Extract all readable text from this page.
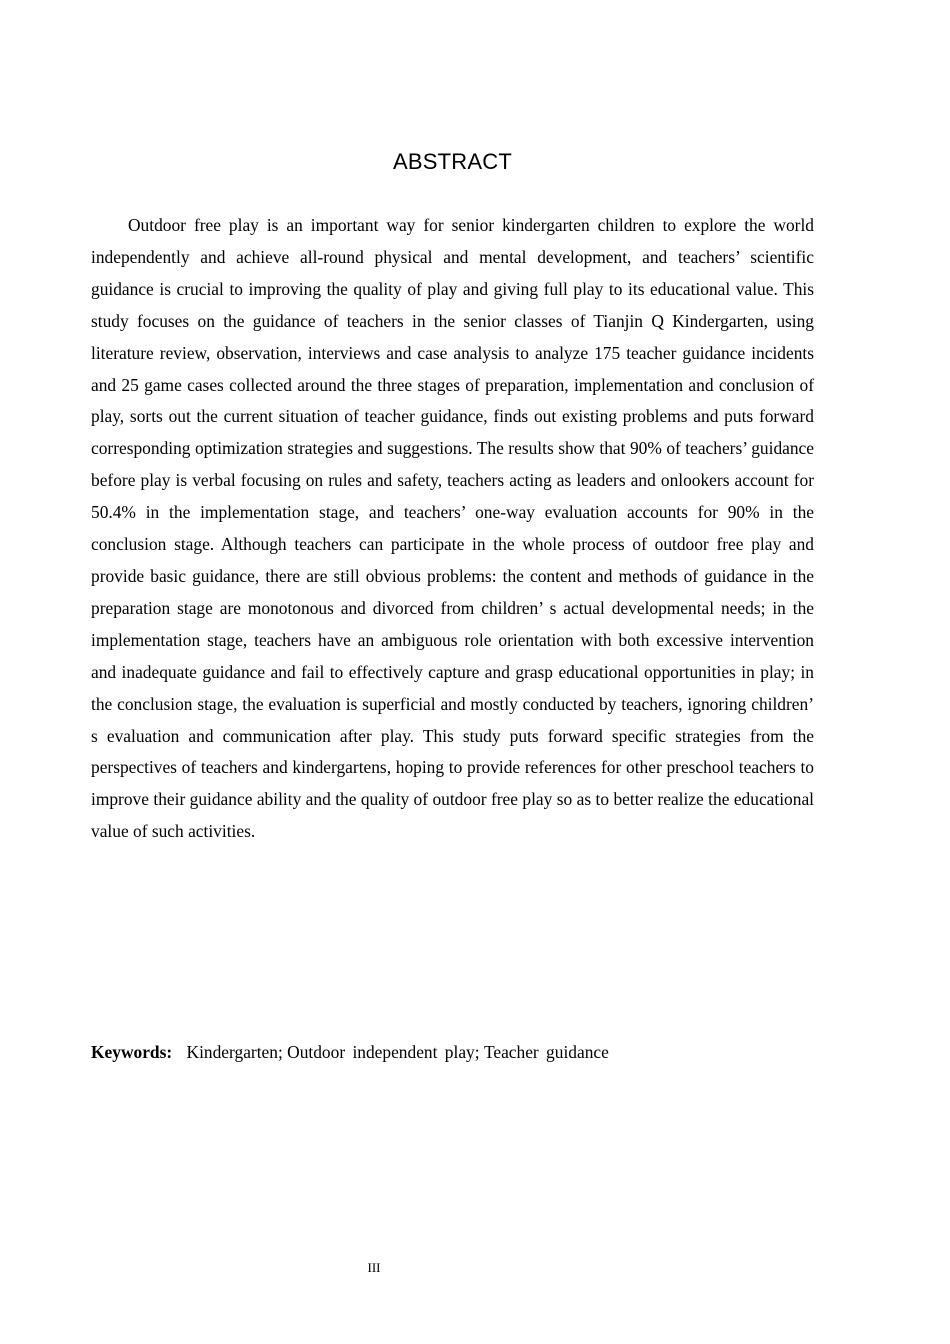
ABSTRACT

Outdoor free play is an important way for senior kindergarten children to explore the world independently and achieve all-round physical and mental development, and teachers’ scientific guidance is crucial to improving the quality of play and giving full play to its educational value. This study focuses on the guidance of teachers in the senior classes of Tianjin Q Kindergarten, using literature review, observation, interviews and case analysis to analyze 175 teacher guidance incidents and 25 game cases collected around the three stages of preparation, implementation and conclusion of play, sorts out the current situation of teacher guidance, finds out existing problems and puts forward corresponding optimization strategies and suggestions. The results show that 90% of teachers’ guidance before play is verbal focusing on rules and safety, teachers acting as leaders and onlookers account for 50.4% in the implementation stage, and teachers’ one-way evaluation accounts for 90% in the conclusion stage. Although teachers can participate in the whole process of outdoor free play and provide basic guidance, there are still obvious problems: the content and methods of guidance in the preparation stage are monotonous and divorced from children’ s actual developmental needs; in the implementation stage, teachers have an ambiguous role orientation with both excessive intervention and inadequate guidance and fail to effectively capture and grasp educational opportunities in play; in the conclusion stage, the evaluation is superficial and mostly conducted by teachers, ignoring children’ s evaluation and communication after play. This study puts forward specific strategies from the perspectives of teachers and kindergartens, hoping to provide references for other preschool teachers to improve their guidance ability and the quality of outdoor free play so as to better realize the educational value of such activities.

Keywords: Kindergarten; Outdoor independent play; Teacher guidance

III
